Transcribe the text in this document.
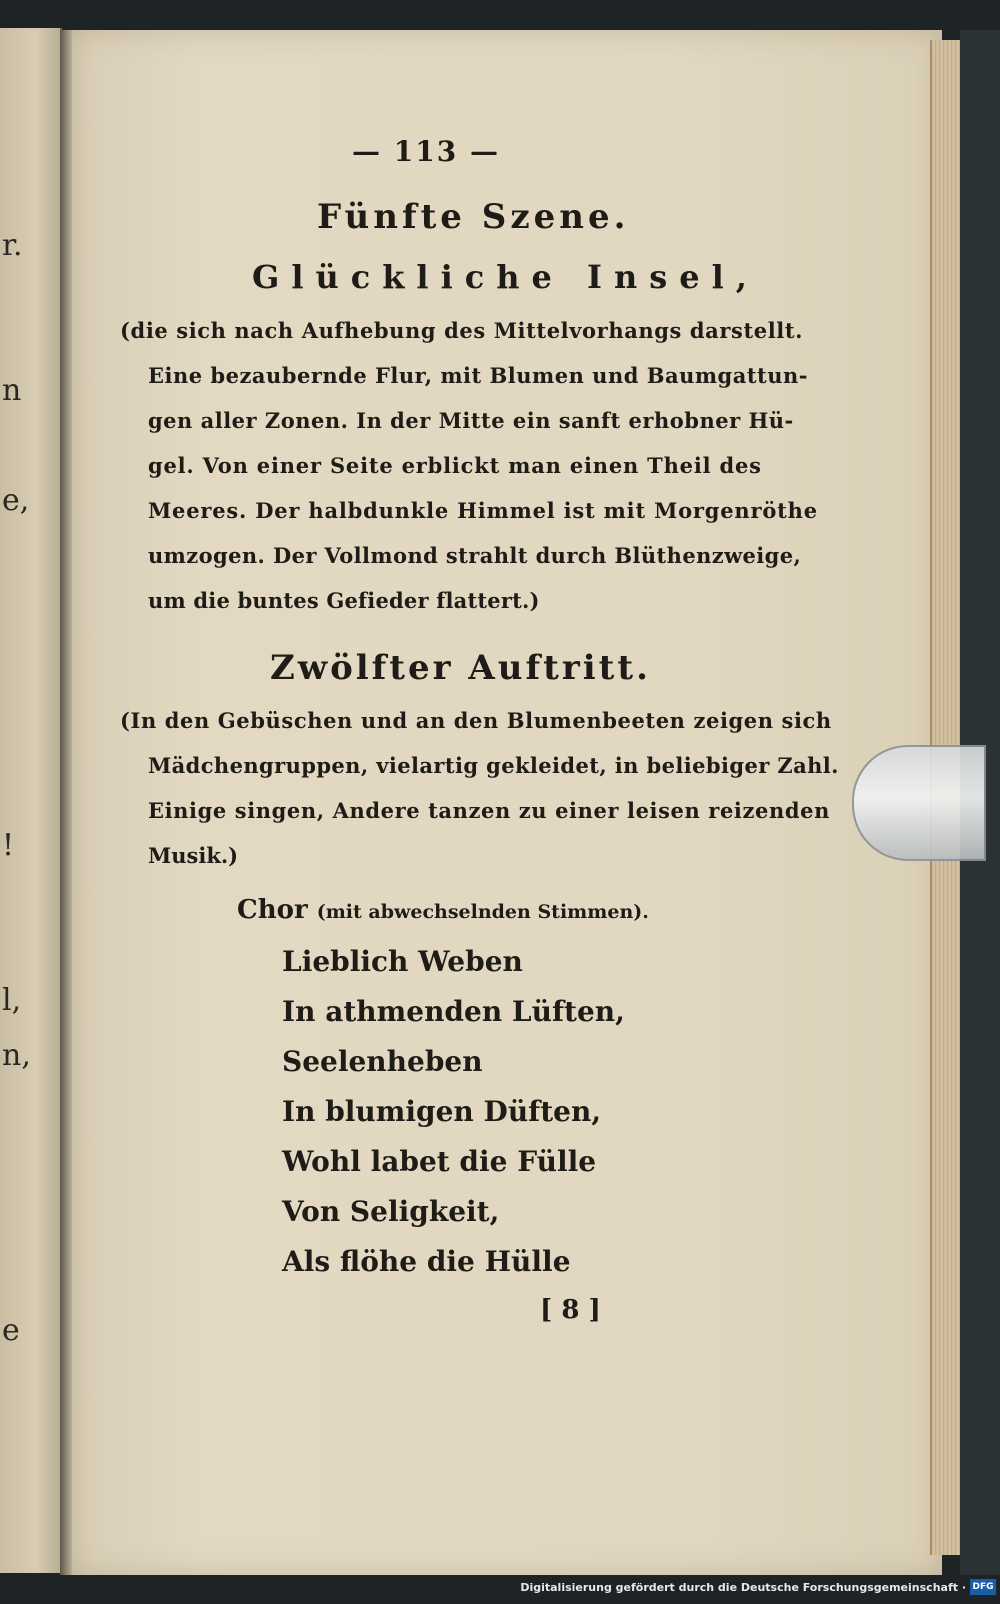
r.
n
e,
!
l,
n,
e
— 113 —
Fünfte Szene.
Glückliche Insel,
(die sich nach Aufhebung des Mittelvorhangs darstellt.
Eine bezaubernde Flur, mit Blumen und Baumgattun-
gen aller Zonen. In der Mitte ein sanft erhobner Hü-
gel. Von einer Seite erblickt man einen Theil des
Meeres. Der halbdunkle Himmel ist mit Morgenröthe
umzogen. Der Vollmond strahlt durch Blüthenzweige,
um die buntes Gefieder flattert.)
Zwölfter Auftritt.
(In den Gebüschen und an den Blumenbeeten zeigen sich
Mädchengruppen, vielartig gekleidet, in beliebiger Zahl.
Einige singen, Andere tanzen zu einer leisen reizenden
Musik.)
Chor (mit abwechselnden Stimmen).
Lieblich Weben
In athmenden Lüften,
Seelenheben
In blumigen Düften,
Wohl labet die Fülle
Von Seligkeit,
Als flöhe die Hülle
[ 8 ]
Digitalisierung gefördert durch die Deutsche Forschungsgemeinschaft · DFG
